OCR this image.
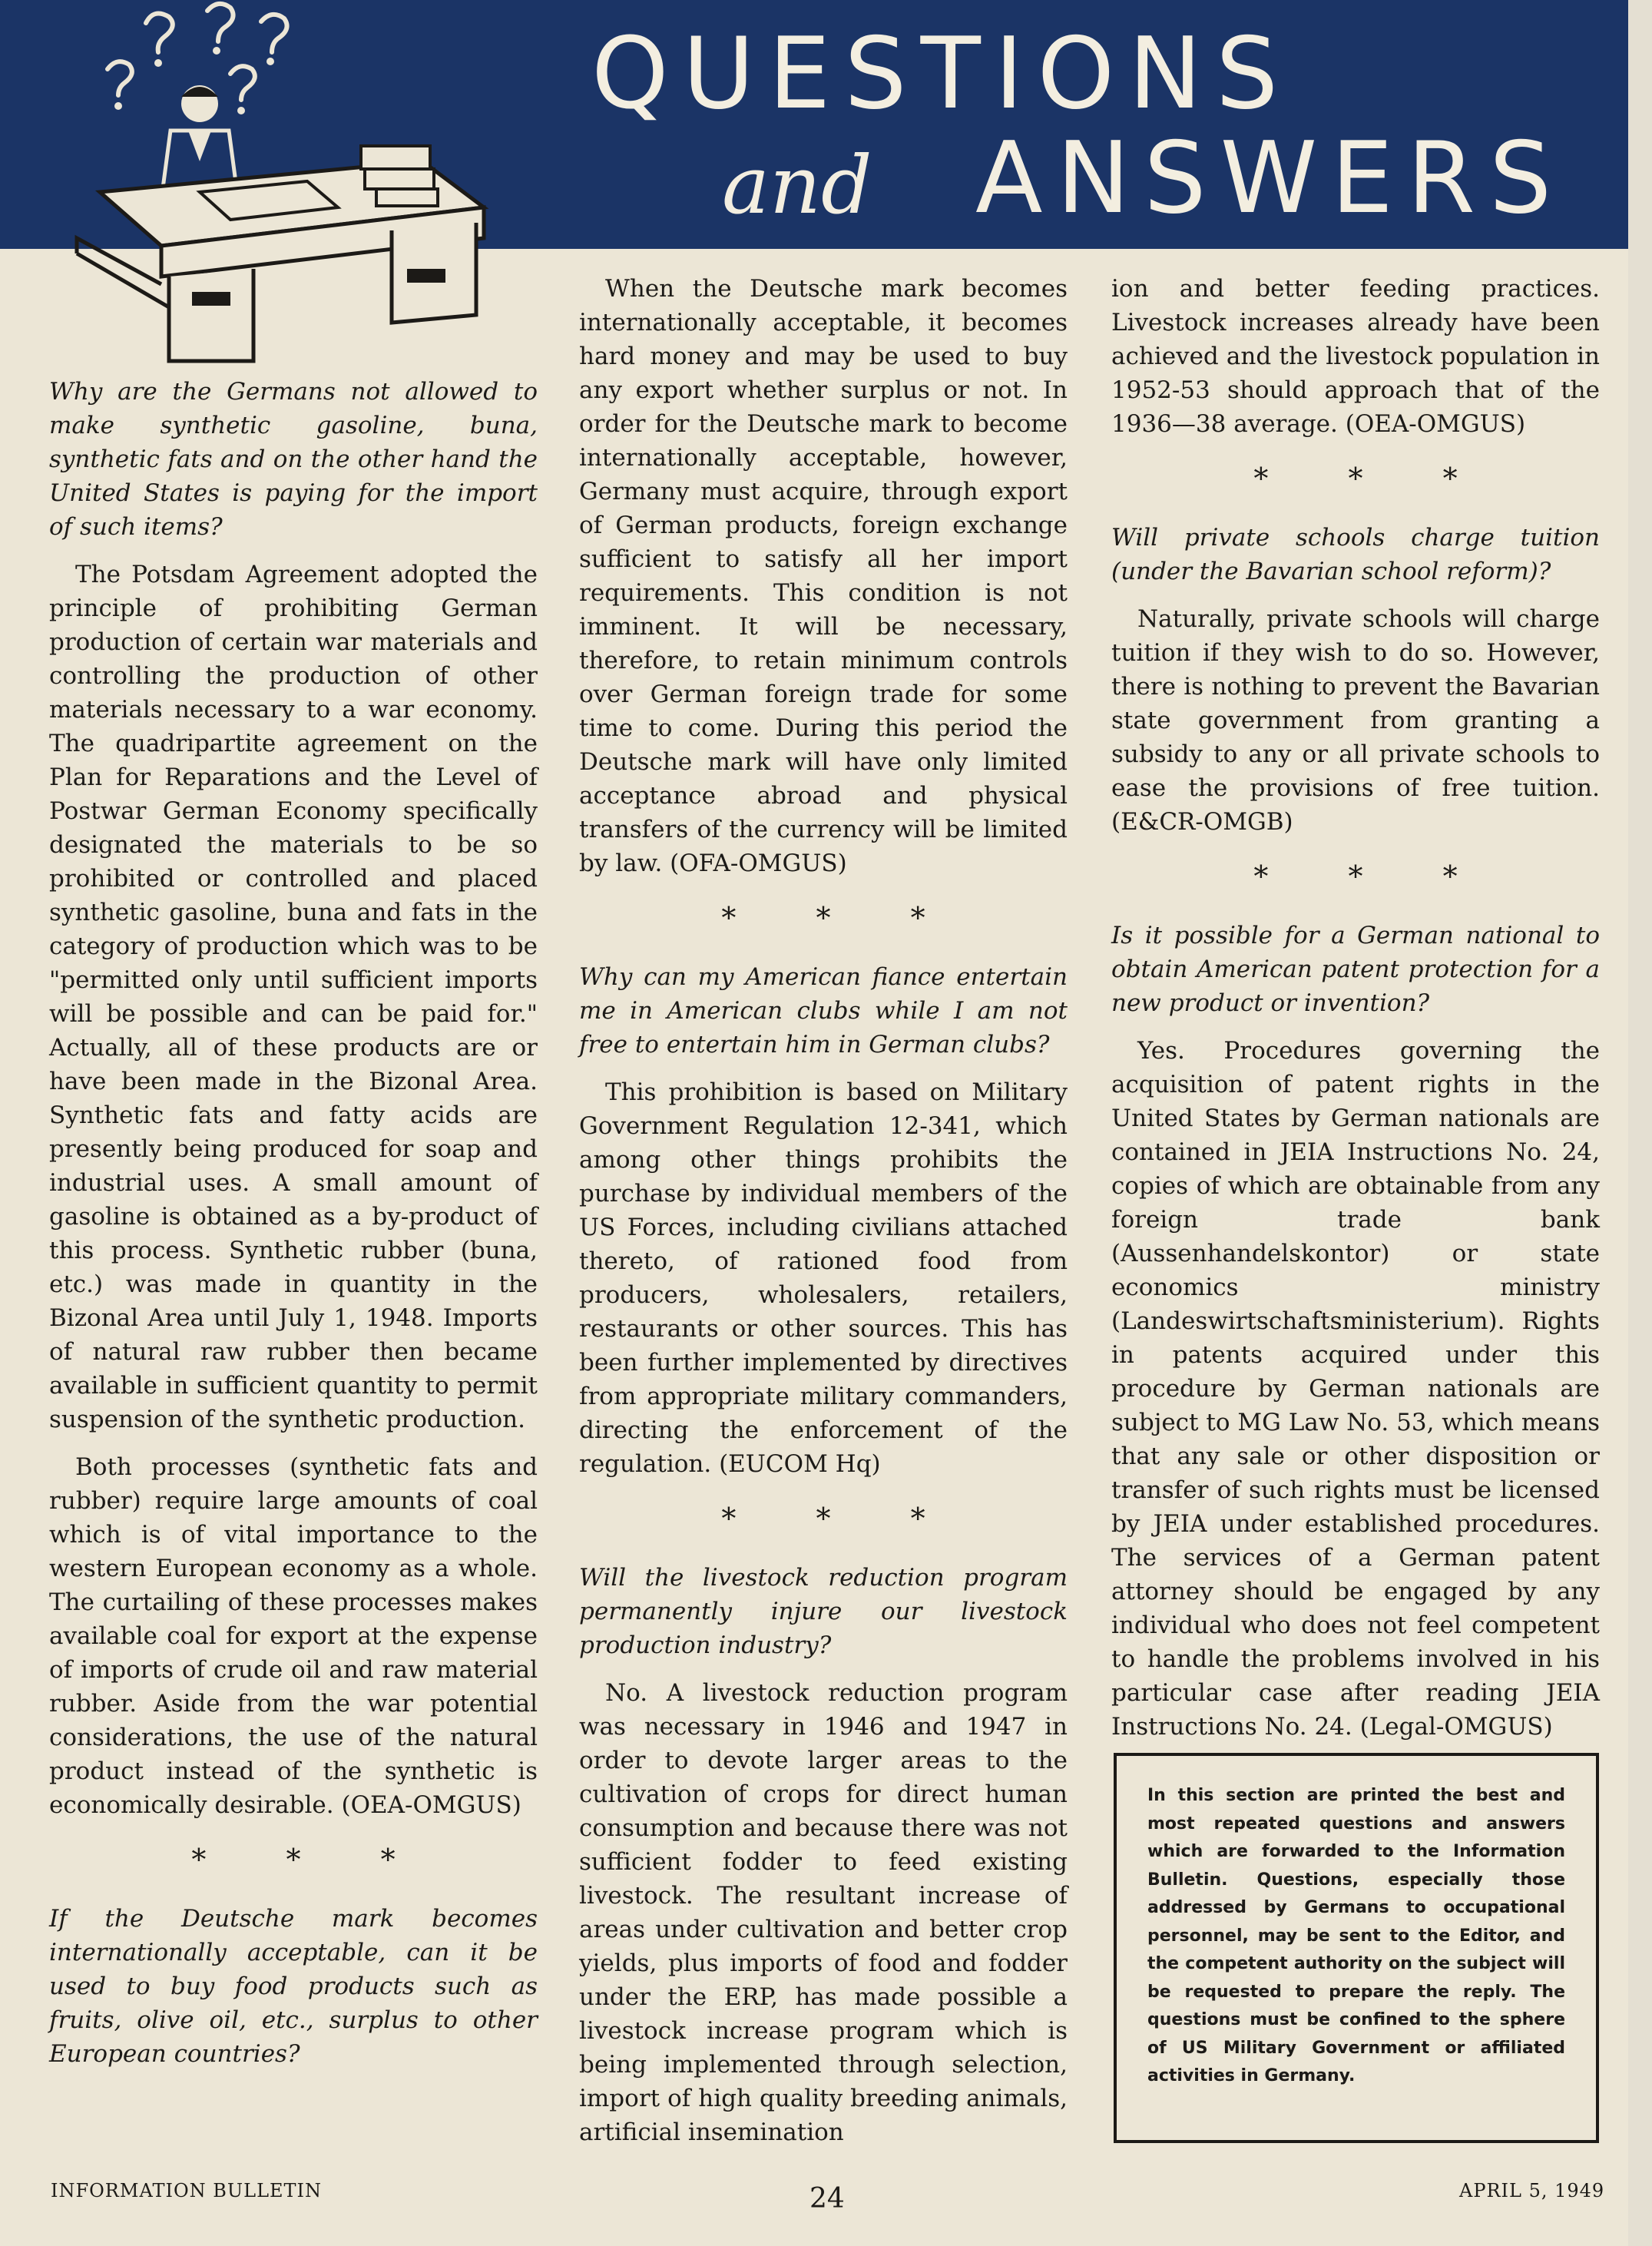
QUESTIONS
and ANSWERS

Why are the Germans not allowed to make synthetic gasoline, buna, synthetic fats and on the other hand the United States is paying for the import of such items?

The Potsdam Agreement adopted the principle of prohibiting German production of certain war materials and controlling the production of other materials necessary to a war economy. The quadripartite agreement on the Plan for Reparations and the Level of Postwar German Economy specifically designated the materials to be so prohibited or controlled and placed synthetic gasoline, buna and fats in the category of production which was to be "permitted only until sufficient imports will be possible and can be paid for." Actually, all of these products are or have been made in the Bizonal Area. Synthetic fats and fatty acids are presently being produced for soap and industrial uses. A small amount of gasoline is obtained as a by-product of this process. Synthetic rubber (buna, etc.) was made in quantity in the Bizonal Area until July 1, 1948. Imports of natural raw rubber then became available in sufficient quantity to permit suspension of the synthetic production.

Both processes (synthetic fats and rubber) require large amounts of coal which is of vital importance to the western European economy as a whole. The curtailing of these processes makes available coal for export at the expense of imports of crude oil and raw material rubber. Aside from the war potential considerations, the use of the natural product instead of the synthetic is economically desirable. (OEA-OMGUS)

* * *

If the Deutsche mark becomes internationally acceptable, can it be used to buy food products such as fruits, olive oil, etc., surplus to other European countries?

When the Deutsche mark becomes internationally acceptable, it becomes hard money and may be used to buy any export whether surplus or not. In order for the Deutsche mark to become internationally acceptable, however, Germany must acquire, through export of German products, foreign exchange sufficient to satisfy all her import requirements. This condition is not imminent. It will be necessary, therefore, to retain minimum controls over German foreign trade for some time to come. During this period the Deutsche mark will have only limited acceptance abroad and physical transfers of the currency will be limited by law. (OFA-OMGUS)

* * *

Why can my American fiance entertain me in American clubs while I am not free to entertain him in German clubs?

This prohibition is based on Military Government Regulation 12-341, which among other things prohibits the purchase by individual members of the US Forces, including civilians attached thereto, of rationed food from producers, wholesalers, retailers, restaurants or other sources. This has been further implemented by directives from appropriate military commanders, directing the enforcement of the regulation. (EUCOM Hq)

* * *

Will the livestock reduction program permanently injure our livestock production industry?

No. A livestock reduction program was necessary in 1946 and 1947 in order to devote larger areas to the cultivation of crops for direct human consumption and because there was not sufficient fodder to feed existing livestock. The resultant increase of areas under cultivation and better crop yields, plus imports of food and fodder under the ERP, has made possible a livestock increase program which is being implemented through selection, import of high quality breeding animals, artificial insemination

ion and better feeding practices. Livestock increases already have been achieved and the livestock population in 1952-53 should approach that of the 1936—38 average. (OEA-OMGUS)

* * *

Will private schools charge tuition (under the Bavarian school reform)?

Naturally, private schools will charge tuition if they wish to do so. However, there is nothing to prevent the Bavarian state government from granting a subsidy to any or all private schools to ease the provisions of free tuition. (E&CR-OMGB)

* * *

Is it possible for a German national to obtain American patent protection for a new product or invention?

Yes. Procedures governing the acquisition of patent rights in the United States by German nationals are contained in JEIA Instructions No. 24, copies of which are obtainable from any foreign trade bank (Aussenhandelskontor) or state economics ministry (Landeswirtschaftsministerium). Rights in patents acquired under this procedure by German nationals are subject to MG Law No. 53, which means that any sale or other disposition or transfer of such rights must be licensed by JEIA under established procedures. The services of a German patent attorney should be engaged by any individual who does not feel competent to handle the problems involved in his particular case after reading JEIA Instructions No. 24. (Legal-OMGUS)

In this section are printed the best and most repeated questions and answers which are forwarded to the Information Bulletin. Questions, especially those addressed by Germans to occupational personnel, may be sent to the Editor, and the competent authority on the subject will be requested to prepare the reply. The questions must be confined to the sphere of US Military Government or affiliated activities in Germany.

INFORMATION BULLETIN	24	APRIL 5, 1949
